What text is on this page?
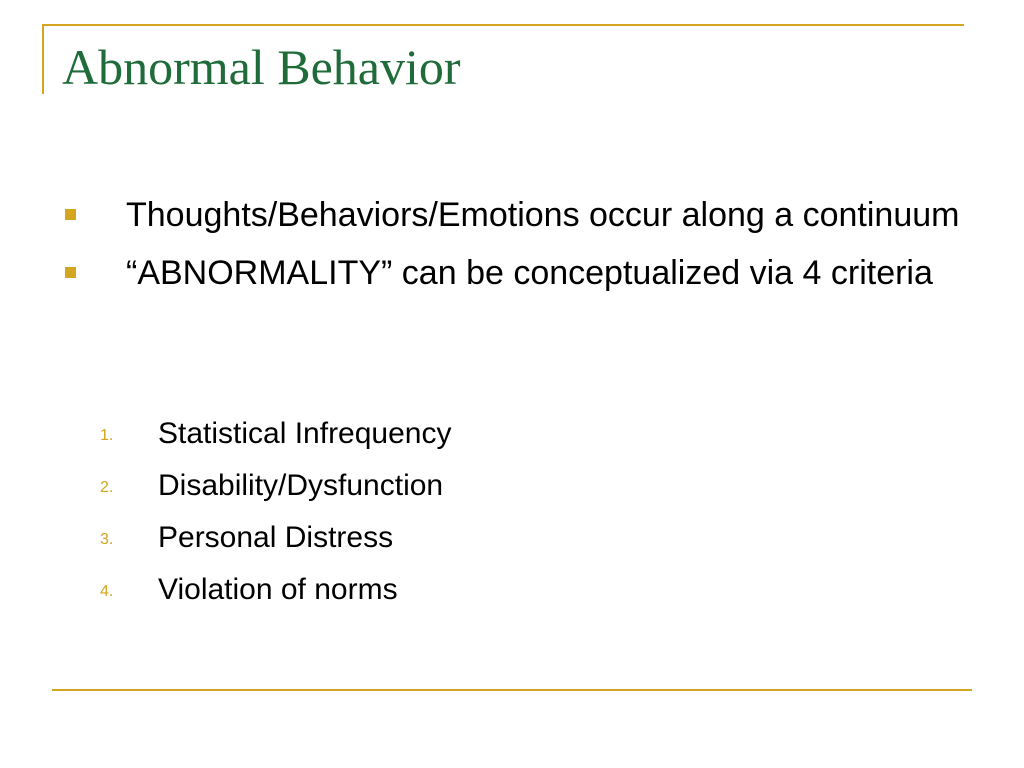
Abnormal Behavior
Thoughts/Behaviors/Emotions occur along a continuum
“ABNORMALITY” can be conceptualized via 4 criteria
1. Statistical Infrequency
2. Disability/Dysfunction
3. Personal Distress
4. Violation of norms
